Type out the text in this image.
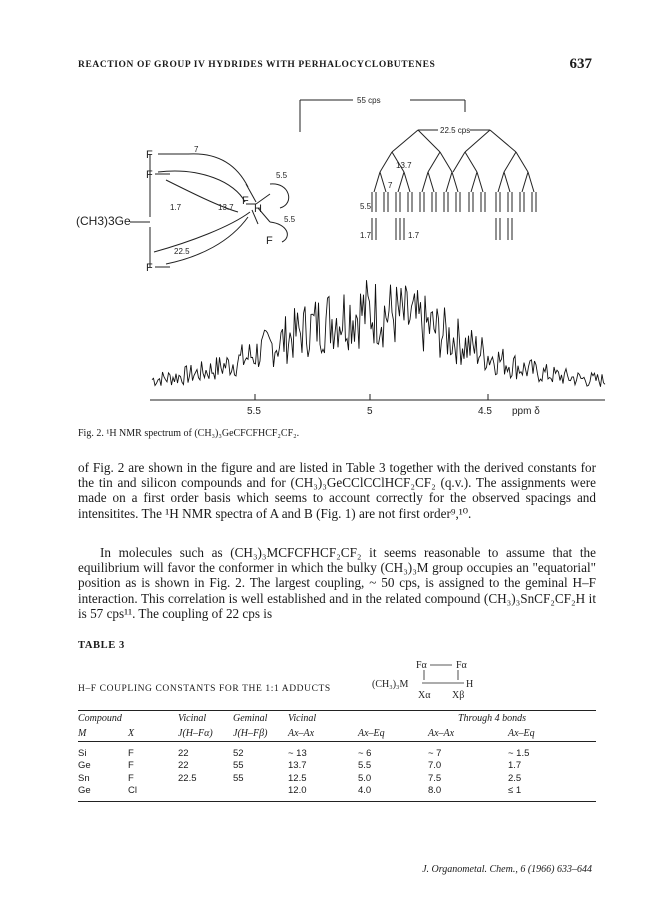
REACTION OF GROUP IV HYDRIDES WITH PERHALOCYCLOBUTENES	637
55 cps
22.5 cps
13.7
7
5.5
1.7	1.7
(CH3)3Ge
F
F
F
F
H
F
7
5.5
1.7	13.7
5.5
22.5
5.5	5	4.5 ppm δ
Fig. 2. ¹H NMR spectrum of (CH₃)₃GeCFCFHCF₂CF₂.

of Fig. 2 are shown in the figure and are listed in Table 3 together with the derived constants for the tin and silicon compounds and for (CH₃)₃GeCClCClHCF₂CF₂ (q.v.). The assignments were made on a first order basis which seems to account correctly for the observed spacings and intensitites. The ¹H NMR spectra of A and B (Fig. 1) are not first order⁹,¹⁰.

In molecules such as (CH₃)₃MCFCFHCF₂CF₂ it seems reasonable to assume that the equilibrium will favor the conformer in which the bulky (CH₃)₃M group occupies an "equatorial" position as is shown in Fig. 2. The largest coupling, ~ 50 cps, is assigned to the geminal H–F interaction. This correlation is well established and in the related compound (CH₃)₃SnCF₂CF₂H it is 57 cps¹¹. The coupling of 22 cps is

TABLE 3
H–F COUPLING CONSTANTS FOR THE 1:1 ADDUCTS
Fα	Fα
(CH₃)₃M	H
Xα Xβ
Compound		Vicinal	Geminal	Vicinal		Through 4 bonds	
M	X	J(H–Fα)	J(H–Fβ)	Ax–Ax	Ax–Eq	Ax–Ax	Ax–Eq

Si	F	22	52	~ 13	~ 6	~ 7	~ 1.5
Ge	F	22	55	13.7	5.5	7.0	1.7
Sn	F	22.5	55	12.5	5.0	7.5	2.5
Ge	Cl			12.0	4.0	8.0	≤ 1
J. Organometal. Chem., 6 (1966) 633–644
